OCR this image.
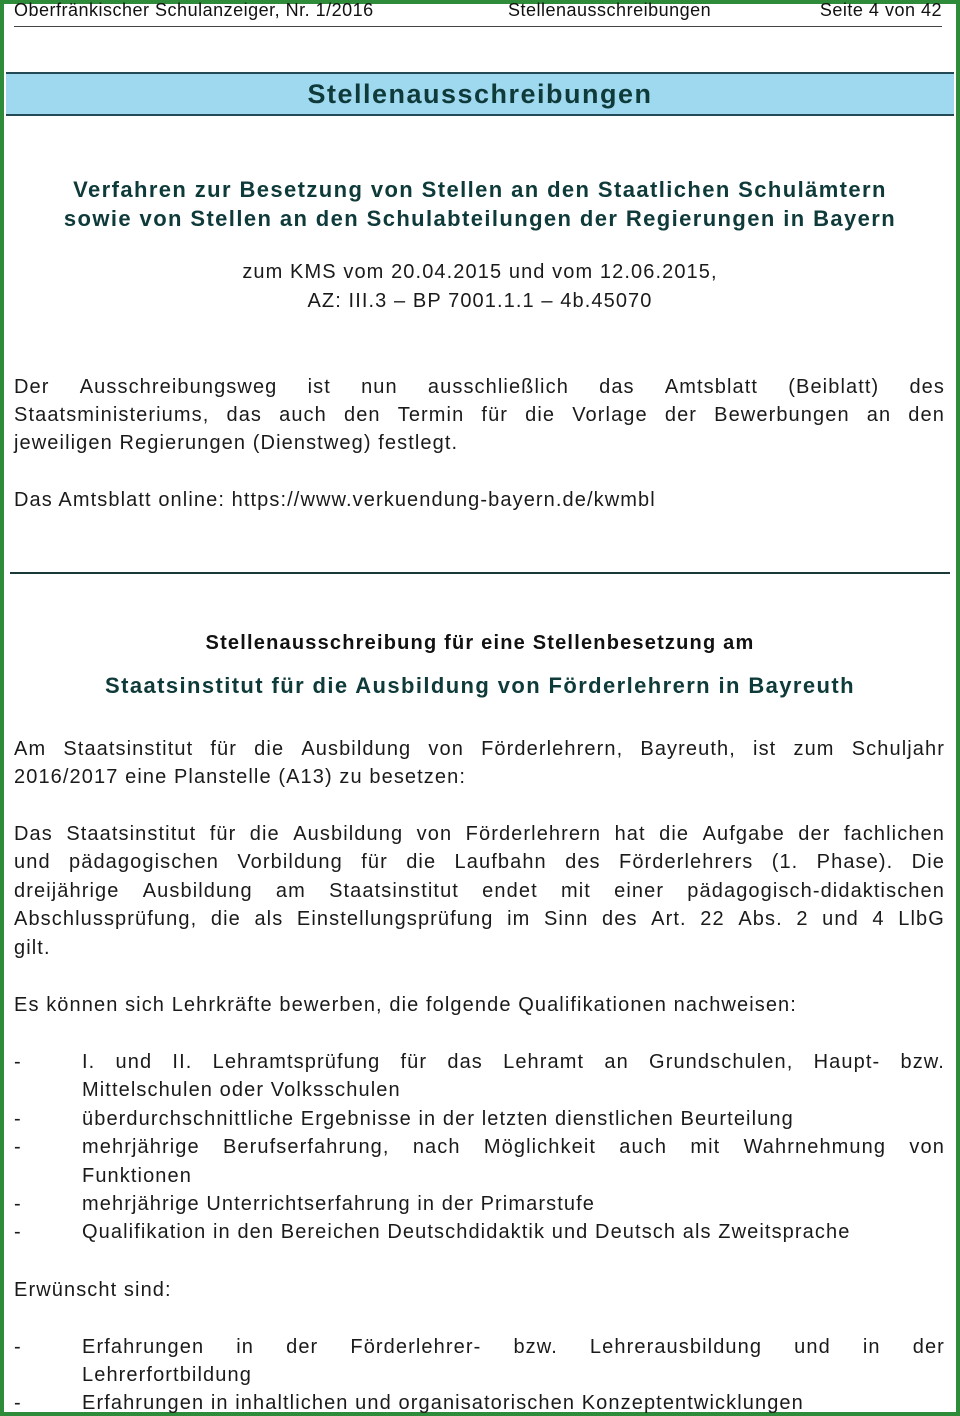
Oberfränkischer Schulanzeiger, Nr. 1/2016	Stellenausschreibungen	Seite 4 von 42
Stellenausschreibungen
Verfahren zur Besetzung von Stellen an den Staatlichen Schulämtern
sowie von Stellen an den Schulabteilungen der Regierungen in Bayern
zum KMS vom 20.04.2015 und vom 12.06.2015,
AZ: III.3 – BP 7001.1.1 – 4b.45070
Der Ausschreibungsweg ist nun ausschließlich das Amtsblatt (Beiblatt) des
Staatsministeriums, das auch den Termin für die Vorlage der Bewerbungen an den
jeweiligen Regierungen (Dienstweg) festlegt.
Das Amtsblatt online: https://www.verkuendung-bayern.de/kwmbl
Stellenausschreibung für eine Stellenbesetzung am
Staatsinstitut für die Ausbildung von Förderlehrern in Bayreuth
Am Staatsinstitut für die Ausbildung von Förderlehrern, Bayreuth, ist zum Schuljahr
2016/2017 eine Planstelle (A13) zu besetzen:
Das Staatsinstitut für die Ausbildung von Förderlehrern hat die Aufgabe der fachlichen
und pädagogischen Vorbildung für die Laufbahn des Förderlehrers (1. Phase). Die
dreijährige Ausbildung am Staatsinstitut endet mit einer pädagogisch-didaktischen
Abschlussprüfung, die als Einstellungsprüfung im Sinn des Art. 22 Abs. 2 und 4 LlbG
gilt.
Es können sich Lehrkräfte bewerben, die folgende Qualifikationen nachweisen:
-	I. und II. Lehramtsprüfung für das Lehramt an Grundschulen, Haupt- bzw.
Mittelschulen oder Volksschulen
-	überdurchschnittliche Ergebnisse in der letzten dienstlichen Beurteilung
-	mehrjährige Berufserfahrung, nach Möglichkeit auch mit Wahrnehmung von
Funktionen
-	mehrjährige Unterrichtserfahrung in der Primarstufe
-	Qualifikation in den Bereichen Deutschdidaktik und Deutsch als Zweitsprache
Erwünscht sind:
-	Erfahrungen in der Förderlehrer- bzw. Lehrerausbildung und in der
Lehrerfortbildung
-	Erfahrungen in inhaltlichen und organisatorischen Konzeptentwicklungen
